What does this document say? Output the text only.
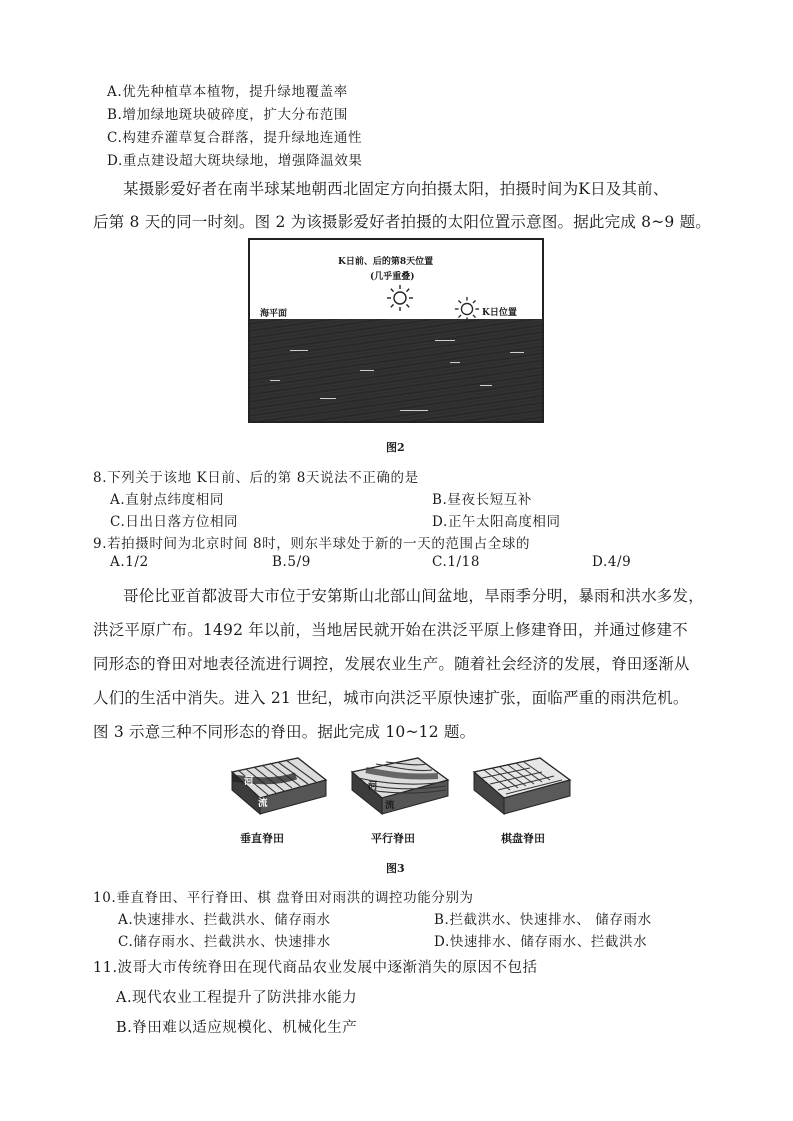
A.优先种植草本植物，提升绿地覆盖率
B.增加绿地斑块破碎度，扩大分布范围
C.构建乔灌草复合群落，提升绿地连通性
D.重点建设超大斑块绿地，增强降温效果
某摄影爱好者在南半球某地朝西北固定方向拍摄太阳，拍摄时间为K日及其前、
后第 8 天的同一时刻。图 2 为该摄影爱好者拍摄的太阳位置示意图。据此完成 8~9 题。
K日前、后的第8天位置
(几乎重叠)
海平面	K日位置
图2
8.下列关于该地 K日前、后的第 8天说法不正确的是
A.直射点纬度相同	B.昼夜长短互补
C.日出日落方位相同	D.正午太阳高度相同
9.若拍摄时间为北京时间 8时，则东半球处于新的一天的范围占全球的
A.1/2	B.5/9	C.1/18	D.4/9
哥伦比亚首都波哥大市位于安第斯山北部山间盆地，旱雨季分明，暴雨和洪水多发，
洪泛平原广布。1492 年以前，当地居民就开始在洪泛平原上修建脊田，并通过修建不
同形态的脊田对地表径流进行调控，发展农业生产。随着社会经济的发展，脊田逐渐从
人们的生活中消失。进入 21 世纪，城市向洪泛平原快速扩张，面临严重的雨洪危机。
图 3 示意三种不同形态的脊田。据此完成 10~12 题。
河
流
河
流
垂直脊田	平行脊田	棋盘脊田
图3
10.垂直脊田、平行脊田、棋 盘脊田对雨洪的调控功能分别为
A.快速排水、拦截洪水、储存雨水	B.拦截洪水、快速排水、 储存雨水
C.储存雨水、拦截洪水、快速排水	D.快速排水、储存雨水、拦截洪水
11.波哥大市传统脊田在现代商品农业发展中逐渐消失的原因不包括
A.现代农业工程提升了防洪排水能力
B.脊田难以适应规模化、机械化生产
